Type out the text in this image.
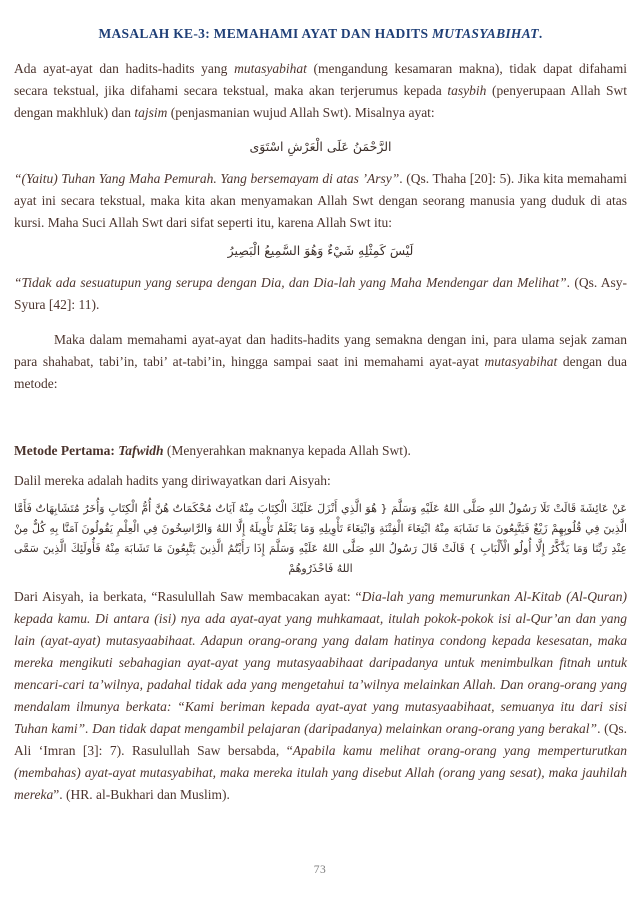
MASALAH KE-3: MEMAHAMI AYAT DAN HADITS MUTASYABIHAT.

Ada ayat-ayat dan hadits-hadits yang mutasyabihat (mengandung kesamaran makna), tidak dapat difahami secara tekstual, jika difahami secara tekstual, maka akan terjerumus kepada tasybih (penyerupaan Allah Swt dengan makhluk) dan tajsim (penjasmanian wujud Allah Swt). Misalnya ayat:

الرَّحْمَنُ عَلَى الْعَرْشِ اسْتَوَى

“(Yaitu) Tuhan Yang Maha Pemurah. Yang bersemayam di atas ’Arsy”. (Qs. Thaha [20]: 5). Jika kita memahami ayat ini secara tekstual, maka kita akan menyamakan Allah Swt dengan seorang manusia yang duduk di atas kursi. Maha Suci Allah Swt dari sifat seperti itu, karena Allah Swt itu:

لَيْسَ كَمِثْلِهِ شَيْءٌ وَهُوَ السَّمِيعُ الْبَصِيرُ

“Tidak ada sesuatupun yang serupa dengan Dia, dan Dia-lah yang Maha Mendengar dan Melihat”. (Qs. Asy-Syura [42]: 11).

Maka dalam memahami ayat-ayat dan hadits-hadits yang semakna dengan ini, para ulama sejak zaman para shahabat, tabi’in, tabi’ at-tabi’in, hingga sampai saat ini memahami ayat-ayat mutasyabihat dengan dua metode:

Metode Pertama: Tafwidh (Menyerahkan maknanya kepada Allah Swt).

Dalil mereka adalah hadits yang diriwayatkan dari Aisyah:

عَنْ عَائِشَةَ قَالَتْ تَلَا رَسُولُ اللهِ صَلَّى اللهُ عَلَيْهِ وَسَلَّمَ { هُوَ الَّذِي أَنْزَلَ عَلَيْكَ الْكِتَابَ مِنْهُ آيَاتٌ مُحْكَمَاتٌ هُنَّ أُمُّ الْكِتَابِ وَأُخَرُ مُتَشَابِهَاتٌ فَأَمَّا الَّذِينَ فِي قُلُوبِهِمْ زَيْغٌ فَيَتَّبِعُونَ مَا تَشَابَهَ مِنْهُ ابْتِغَاءَ الْفِتْنَةِ وَابْتِغَاءَ تَأْوِيلِهِ وَمَا يَعْلَمُ تَأْوِيلَهُ إِلَّا اللهُ وَالرَّاسِخُونَ فِي الْعِلْمِ يَقُولُونَ آمَنَّا بِهِ كُلٌّ مِنْ عِنْدِ رَبِّنَا وَمَا يَذَّكَّرُ إِلَّا أُولُو الْأَلْبَابِ } قَالَتْ قَالَ رَسُولُ اللهِ صَلَّى اللهُ عَلَيْهِ وَسَلَّمَ إِذَا رَأَيْتُمُ الَّذِينَ يَتَّبِعُونَ مَا تَشَابَهَ مِنْهُ فَأُولَئِكَ الَّذِينَ سَمَّى اللهُ فَاحْذَرُوهُمْ

Dari Aisyah, ia berkata, “Rasulullah Saw membacakan ayat: “Dia-lah yang memurunkan Al-Kitab (Al-Quran) kepada kamu. Di antara (isi) nya ada ayat-ayat yang muhkamaat, itulah pokok-pokok isi al-Qur’an dan yang lain (ayat-ayat) mutasyaabihaat. Adapun orang-orang yang dalam hatinya condong kepada kesesatan, maka mereka mengikuti sebahagian ayat-ayat yang mutasyaabihaat daripadanya untuk menimbulkan fitnah untuk mencari-cari ta’wilnya, padahal tidak ada yang mengetahui ta’wilnya melainkan Allah. Dan orang-orang yang mendalam ilmunya berkata: “Kami beriman kepada ayat-ayat yang mutasyaabihaat, semuanya itu dari sisi Tuhan kami”. Dan tidak dapat mengambil pelajaran (daripadanya) melainkan orang-orang yang berakal”. (Qs. Ali ‘Imran [3]: 7). Rasulullah Saw bersabda, “Apabila kamu melihat orang-orang yang memperturutkan (membahas) ayat-ayat mutasyabihat, maka mereka itulah yang disebut Allah (orang yang sesat), maka jauhilah mereka”. (HR. al-Bukhari dan Muslim).

73
